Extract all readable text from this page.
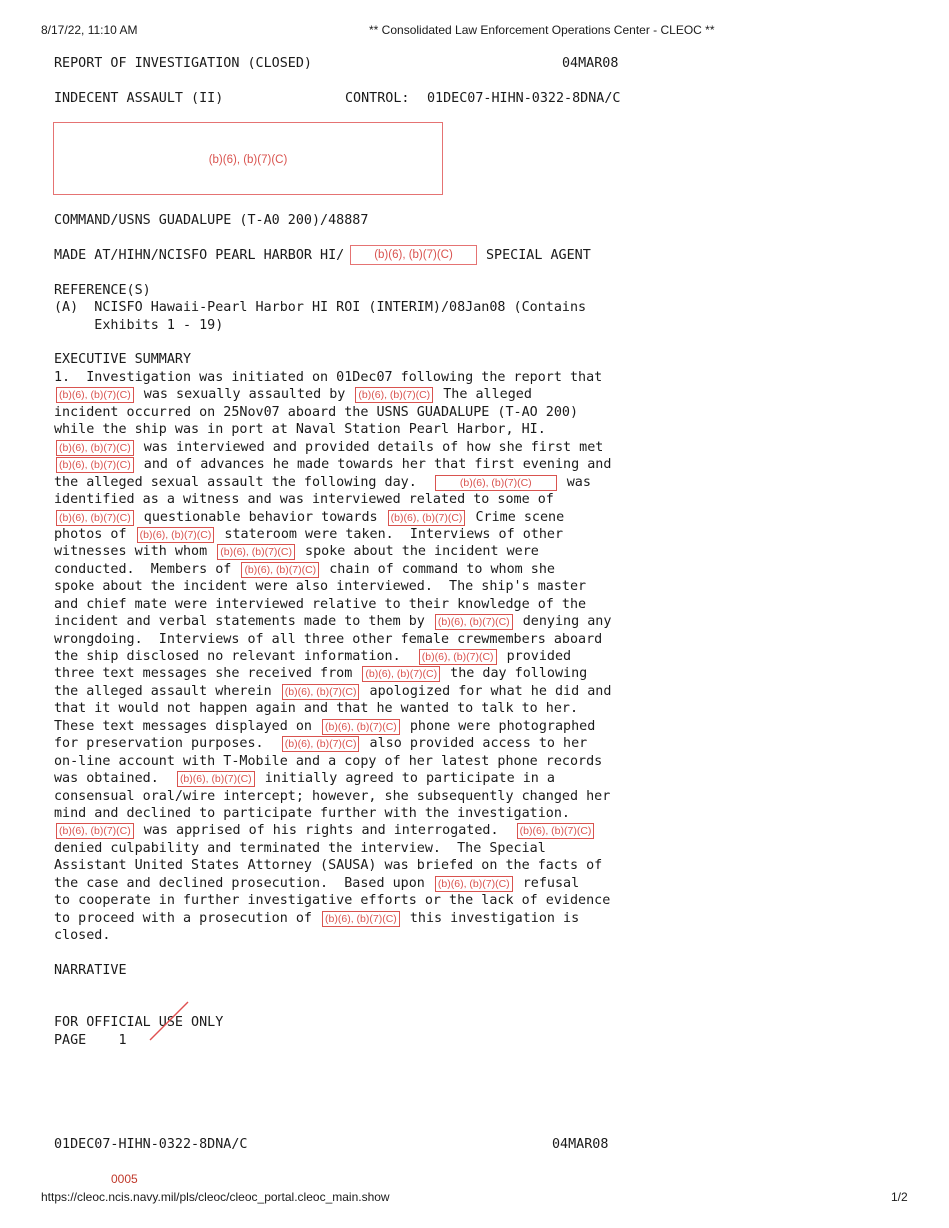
8/17/22, 11:10 AM	** Consolidated Law Enforcement Operations Center - CLEOC **
REPORT OF INVESTIGATION (CLOSED)	04MAR08
INDECENT ASSAULT (II)	CONTROL: 01DEC07-HIHN-0322-8DNA/C
(b)(6), (b)(7)(C)
COMMAND/USNS GUADALUPE (T-A0 200)/48887
MADE AT/HIHN/NCISFO PEARL HARBOR HI/	(b)(6), (b)(7)(C)	SPECIAL AGENT
REFERENCE(S)
(A)  NCISFO Hawaii-Pearl Harbor HI ROI (INTERIM)/08Jan08 (Contains
Exhibits 1 - 19)
EXECUTIVE SUMMARY
1.  Investigation was initiated on 01Dec07 following the report that
(b)(6), (b)(7)(C) was sexually assaulted by (b)(6), (b)(7)(C) The alleged
incident occurred on 25Nov07 aboard the USNS GUADALUPE (T-AO 200)
while the ship was in port at Naval Station Pearl Harbor, HI.
(b)(6), (b)(7)(C) was interviewed and provided details of how she first met
(b)(6), (b)(7)(C) and of advances he made towards her that first evening and
the alleged sexual assault the following day.	(b)(6), (b)(7)(C) was
identified as a witness and was interviewed related to some of
(b)(6), (b)(7)(C) questionable behavior towards (b)(6), (b)(7)(C) Crime scene
photos of (b)(6), (b)(7)(C) stateroom were taken.  Interviews of other
witnesses with whom (b)(6), (b)(7)(C) spoke about the incident were
conducted.  Members of (b)(6), (b)(7)(C) chain of command to whom she
spoke about the incident were also interviewed.  The ship's master
and chief mate were interviewed relative to their knowledge of the
incident and verbal statements made to them by (b)(6), (b)(7)(C) denying any
wrongdoing.  Interviews of all three other female crewmembers aboard
the ship disclosed no relevant information.  (b)(6), (b)(7)(C) provided
three text messages she received from (b)(6), (b)(7)(C) the day following
the alleged assault wherein (b)(6), (b)(7)(C) apologized for what he did and
that it would not happen again and that he wanted to talk to her.
These text messages displayed on (b)(6), (b)(7)(C) phone were photographed
for preservation purposes.  (b)(6), (b)(7)(C) also provided access to her
on-line account with T-Mobile and a copy of her latest phone records
was obtained.  (b)(6), (b)(7)(C) initially agreed to participate in a
consensual oral/wire intercept; however, she subsequently changed her
mind and declined to participate further with the investigation.
(b)(6), (b)(7)(C) was apprised of his rights and interrogated.  (b)(6), (b)(7)(C)
denied culpability and terminated the interview.  The Special
Assistant United States Attorney (SAUSA) was briefed on the facts of
the case and declined prosecution.  Based upon (b)(6), (b)(7)(C) refusal
to cooperate in further investigative efforts or the lack of evidence
to proceed with a prosecution of (b)(6), (b)(7)(C) this investigation is
closed.
NARRATIVE
FOR OFFICIAL USE ONLY
PAGE    1
01DEC07-HIHN-0322-8DNA/C	04MAR08
0005
https://cleoc.ncis.navy.mil/pls/cleoc/cleoc_portal.cleoc_main.show	1/2
